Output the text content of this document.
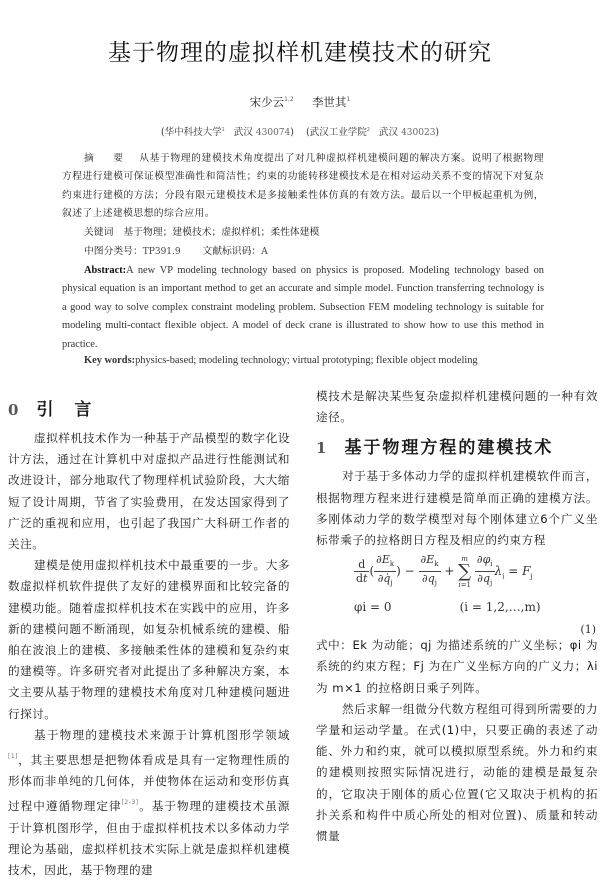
基于物理的虚拟样机建模技术的研究
宋少云$^{1,2}$ 李世其$^1$
(华中科技大学$^1$ 武汉 430074)    (武汉工业学院$^2$ 武汉 430023)
摘 要 从基于物理的建模技术角度提出了对几种虚拟样机建模问题的解决方案。说明了根据物理方程进行建模可保证模型准确性和简洁性；约束的功能转移建模技术是在相对运动关系不变的情况下对复杂约束进行建模的方法；分段有限元建模技术是多接触柔性体仿真的有效方法。最后以一个甲板起重机为例，叙述了上述建模思想的综合应用。
关键词 基于物理；建模技术；虚拟样机；柔性体建模
中图分类号：TP391.9 文献标识码：A
Abstract:A new VP modeling technology based on physics is proposed. Modeling technology based on physical equation is an important method to get an accurate and simple model. Function transferring technology is a good way to solve complex constraint modeling problem. Subsection FEM modeling technology is suitable for modeling multi-contact flexible object. A model of deck crane is illustrated to show how to use this method in practice.
Key words:physics-based; modeling technology; virtual prototyping; flexible object modeling
0 引　言

虚拟样机技术作为一种基于产品模型的数字化设计方法，通过在计算机中对虚拟产品进行性能测试和改进设计，部分地取代了物理样机试验阶段，大大缩短了设计周期，节省了实验费用，在发达国家得到了广泛的重视和应用，也引起了我国广大科研工作者的关注。

建模是使用虚拟样机技术中最重要的一步。大多数虚拟样机软件提供了友好的建模界面和比较完备的建模功能。随着虚拟样机技术在实践中的应用，许多新的建模问题不断涌现，如复杂机械系统的建模、船舶在波浪上的建模、多接触柔性体的建模和复杂约束的建模等。许多研究者对此提出了多种解决方案，本文主要从基于物理的建模技术角度对几种建模问题进行探讨。

基于物理的建模技术来源于计算机图形学领域[1]，其主要思想是把物体看成是具有一定物理性质的形体而非单纯的几何体，并使物体在运动和变形仿真过程中遵循物理定律[2-3]。基于物理的建模技术虽源于计算机图形学，但由于虚拟样机技术以多体动力学理论为基础，虚拟样机技术实际上就是虚拟样机建模技术，因此，基于物理的建

模技术是解决某些复杂虚拟样机建模问题的一种有效途径。

1 基于物理方程的建模技术

对于基于多体动力学的虚拟样机建模软件而言，根据物理方程来进行建模是简单而正确的建模方法。多刚体动力学的数学模型对每个刚体建立6个广义坐标带乘子的拉格朗日方程及相应的约束方程

$\frac{d}{dt}$ ( $\frac{\partial E_k}{\partial q̇_j}$ ) − $\frac{\partial E_k}{\partial q_j} + m$
∑
$i=1 \frac{\partial\varphi_i}{\partial q_j} \lambda_i = F_j$
φi = 0	(i = 1,2,…,m)
(1)

式中：Ek 为动能；qj 为描述系统的广义坐标；φi 为系统的约束方程；Fj 为在广义坐标方向的广义力；λi 为 m×1 的拉格朗日乘子列阵。

然后求解一组微分代数方程组可得到所需要的力学量和运动学量。在式(1)中，只要正确的表述了动能、外力和约束，就可以模拟原型系统。外力和约束的建模则按照实际情况进行，动能的建模是最复杂的，它取决于刚体的质心位置(它又取决于机构的拓扑关系和构件中质心所处的相对位置)、质量和转动惯量
